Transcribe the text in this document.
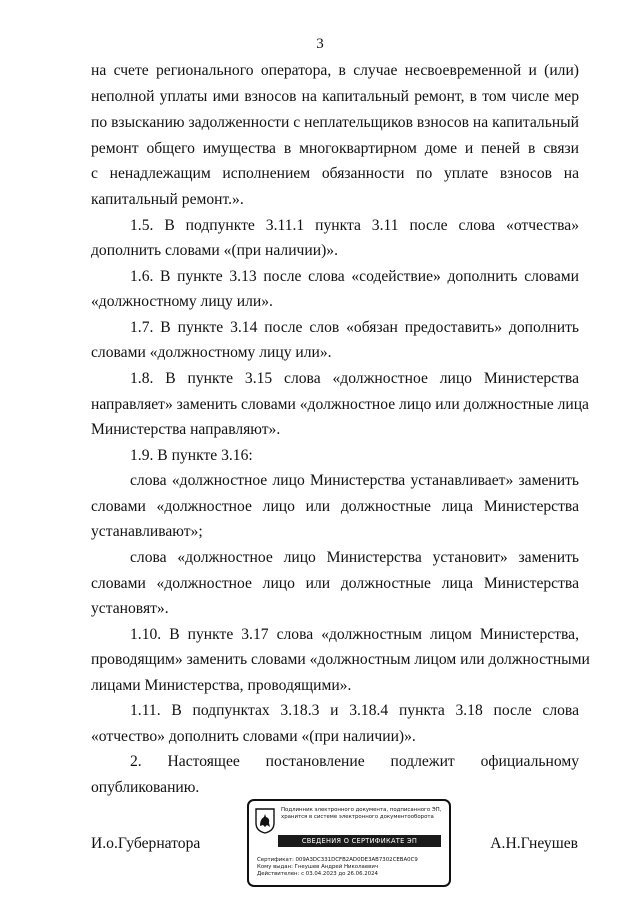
3
на счете регионального оператора, в случае несвоевременной и (или)
неполной уплаты ими взносов на капитальный ремонт, в том числе мер
по взысканию задолженности с неплательщиков взносов на капитальный
ремонт общего имущества в многоквартирном доме и пеней в связи
с ненадлежащим исполнением обязанности по уплате взносов на
капитальный ремонт.».
1.5. В подпункте 3.11.1 пункта 3.11 после слова «отчества»
дополнить словами «(при наличии)».
1.6. В пункте 3.13 после слова «содействие» дополнить словами
«должностному лицу или».
1.7. В пункте 3.14 после слов «обязан предоставить» дополнить
словами «должностному лицу или».
1.8. В пункте 3.15 слова «должностное лицо Министерства
направляет» заменить словами «должностное лицо или должностные лица
Министерства направляют».
1.9. В пункте 3.16:
слова «должностное лицо Министерства устанавливает» заменить
словами «должностное лицо или должностные лица Министерства
устанавливают»;
слова «должностное лицо Министерства установит» заменить
словами «должностное лицо или должностные лица Министерства
установят».
1.10. В пункте 3.17 слова «должностным лицом Министерства,
проводящим» заменить словами «должностным лицом или должностными
лицами Министерства, проводящими».
1.11. В подпунктах 3.18.3 и 3.18.4 пункта 3.18 после слова
«отчество» дополнить словами «(при наличии)».
2. Настоящее постановление подлежит официальному
опубликованию.
И.о.Губернатора	А.Н.Гнеушев
Подлинник электронного документа, подписанного ЭП,
хранится в системе электронного документооборота
СВЕДЕНИЯ О СЕРТИФИКАТЕ ЭП
Сертификат: 009A3DC331DCFB2AD0DE3AB7302CEBA0C9
Кому выдан: Гнеушев Андрей Николаевич
Действителен: с 03.04.2023 до 26.06.2024
